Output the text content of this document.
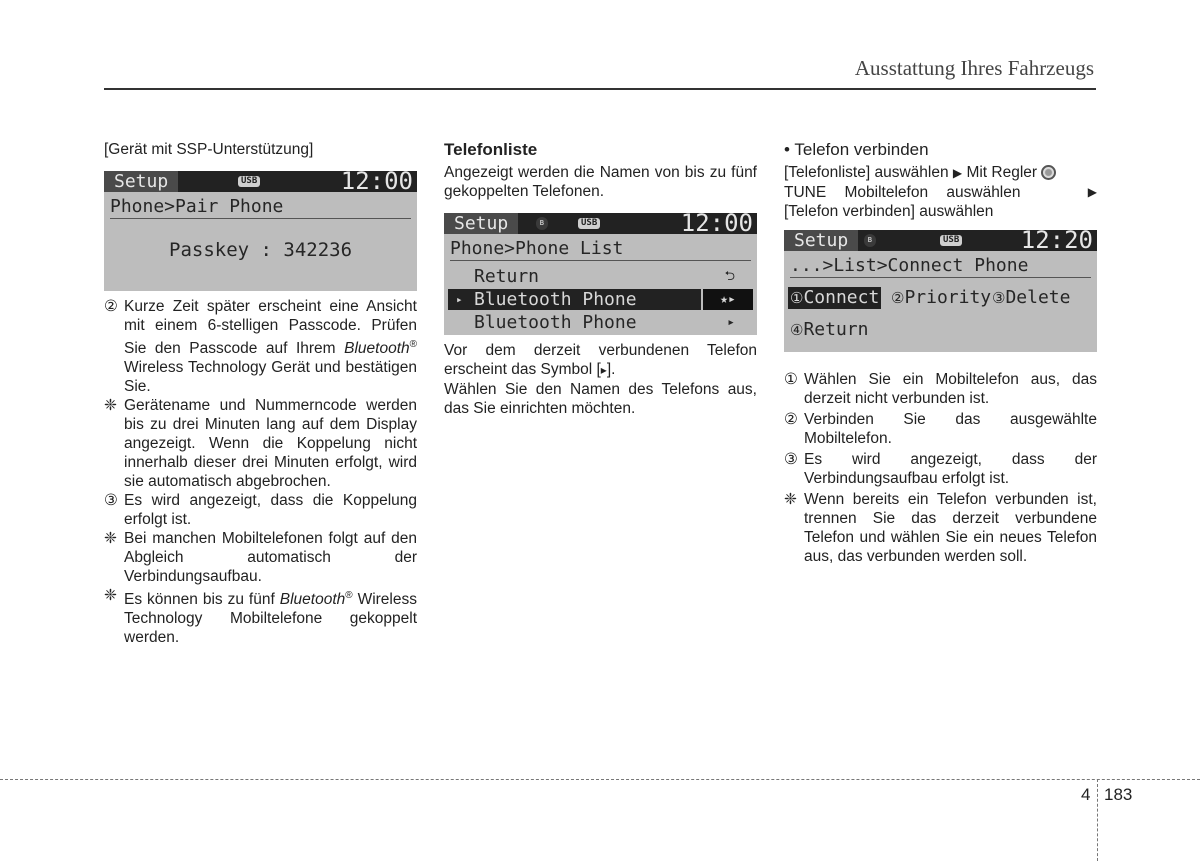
Ausstattung Ihres Fahrzeugs

[Gerät mit SSP-Unterstützung]

Setup	USB	12:00
Phone>Pair Phone
Passkey : 342236
② Kurze Zeit später erscheint eine Ansicht mit einem 6-stelligen Passcode. Prüfen Sie den Passcode auf Ihrem Bluetooth® Wireless Technology Gerät und bestätigen Sie.
❈ Gerätename und Nummerncode werden bis zu drei Minuten lang auf dem Display angezeigt. Wenn die Koppelung nicht innerhalb dieser drei Minuten erfolgt, wird sie automatisch abgebrochen.
③ Es wird angezeigt, dass die Koppelung erfolgt ist.
❈ Bei manchen Mobiltelefonen folgt auf den Abgleich automatisch der Verbindungsaufbau.
❈ Es können bis zu fünf Bluetooth® Wireless Technology Mobiltelefone gekoppelt werden.
Telefonliste

Angezeigt werden die Namen von bis zu fünf gekoppelten Telefonen.

Setup	ʙ	USB	12:00
Phone>Phone List
Return	⮌
▸ Bluetooth Phone	★▸
Bluetooth Phone	▸

Vor dem derzeit verbundenen Telefon erscheint das Symbol [▸].

Wählen Sie den Namen des Telefons aus, das Sie einrichten möchten.

• Telefon verbinden

[Telefonliste] auswählen ▶ Mit Regler

TUNE Mobiltelefon auswählen	▶

[Telefon verbinden] auswählen

Setup	ʙ	USB	12:20
...>List>Connect Phone
①Connect ②Priority ③Delete
④Return
① Wählen Sie ein Mobiltelefon aus, das derzeit nicht verbunden ist.
② Verbinden Sie das ausgewählte Mobiltelefon.
③ Es wird angezeigt, dass der Verbindungsaufbau erfolgt ist.
❈ Wenn bereits ein Telefon verbunden ist, trennen Sie das derzeit verbundene Telefon und wählen Sie ein neues Telefon aus, das verbunden werden soll.
4 183
